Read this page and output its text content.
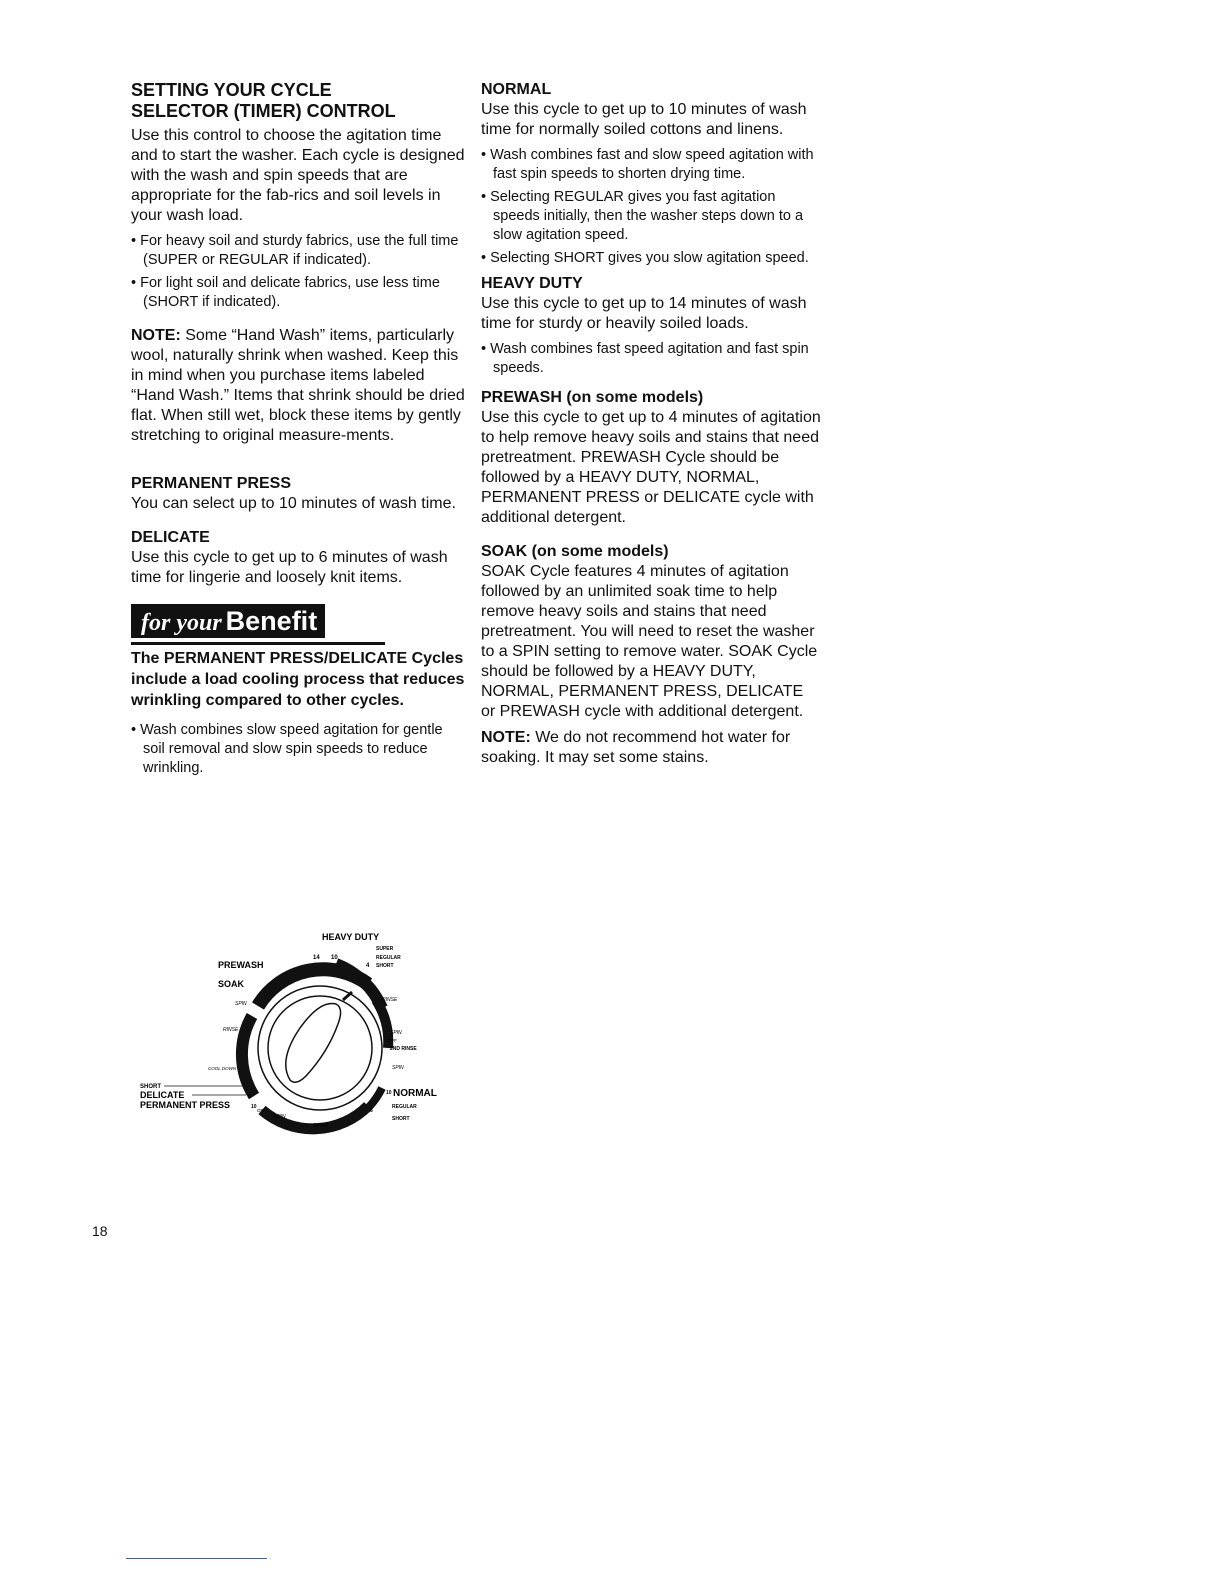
SETTING YOUR CYCLE

SELECTOR (TIMER) CONTROL

Use this control to choose the agitation time and to start the washer. Each cycle is designed with the wash and spin speeds that are appropriate for the fab-rics and soil levels in your wash load.

• For heavy soil and sturdy fabrics, use the full time (SUPER or REGULAR if indicated).

• For light soil and delicate fabrics, use less time (SHORT if indicated).

NOTE: Some “Hand Wash” items, particularly wool, naturally shrink when washed. Keep this in mind when you purchase items labeled “Hand Wash.” Items that shrink should be dried flat. When still wet, block these items by gently stretching to original measure-ments.

PERMANENT PRESS

You can select up to 10 minutes of wash time.

DELICATE

Use this cycle to get up to 6 minutes of wash time for lingerie and loosely knit items.

for your Benefit

The PERMANENT PRESS/DELICATE Cycles include a load cooling process that reduces wrinkling compared to other cycles.

• Wash combines slow speed agitation for gentle soil removal and slow spin speeds to reduce wrinkling.

NORMAL

Use this cycle to get up to 10 minutes of wash time for normally soiled cottons and linens.

• Wash combines fast and slow speed agitation with fast spin speeds to shorten drying time.

• Selecting REGULAR gives you fast agitation speeds initially, then the washer steps down to a slow agitation speed.

• Selecting SHORT gives you slow agitation speed.

HEAVY DUTY

Use this cycle to get up to 14 minutes of wash time for sturdy or heavily soiled loads.

• Wash combines fast speed agitation and fast spin speeds.

PREWASH (on some models)

Use this cycle to get up to 4 minutes of agitation to help remove heavy soils and stains that need pretreatment. PREWASH Cycle should be followed by a HEAVY DUTY, NORMAL, PERMANENT PRESS or DELICATE cycle with additional detergent.

SOAK (on some models)

SOAK Cycle features 4 minutes of agitation followed by an unlimited soak time to help remove heavy soils and stains that need pretreatment. You will need to reset the washer to a SPIN setting to remove water. SOAK Cycle should be followed by a HEAVY DUTY, NORMAL, PERMANENT PRESS, DELICATE or PREWASH cycle with additional detergent.

NOTE: We do not recommend hot water for soaking. It may set some stains.

HEAVY DUTY
SUPER
REGULAR
SHORT
14 10
4
PREWASH
SOAK
SPIN
RINSE
COOL DOWN
RINSE
SPIN
OFF
2ND RINSE
SPIN
SHORT
DELICATE	6
PERMANENT PRESS	10
OFF
SPIN
RINSE
10 NORMAL
REGULAR
6
SHORT
18
